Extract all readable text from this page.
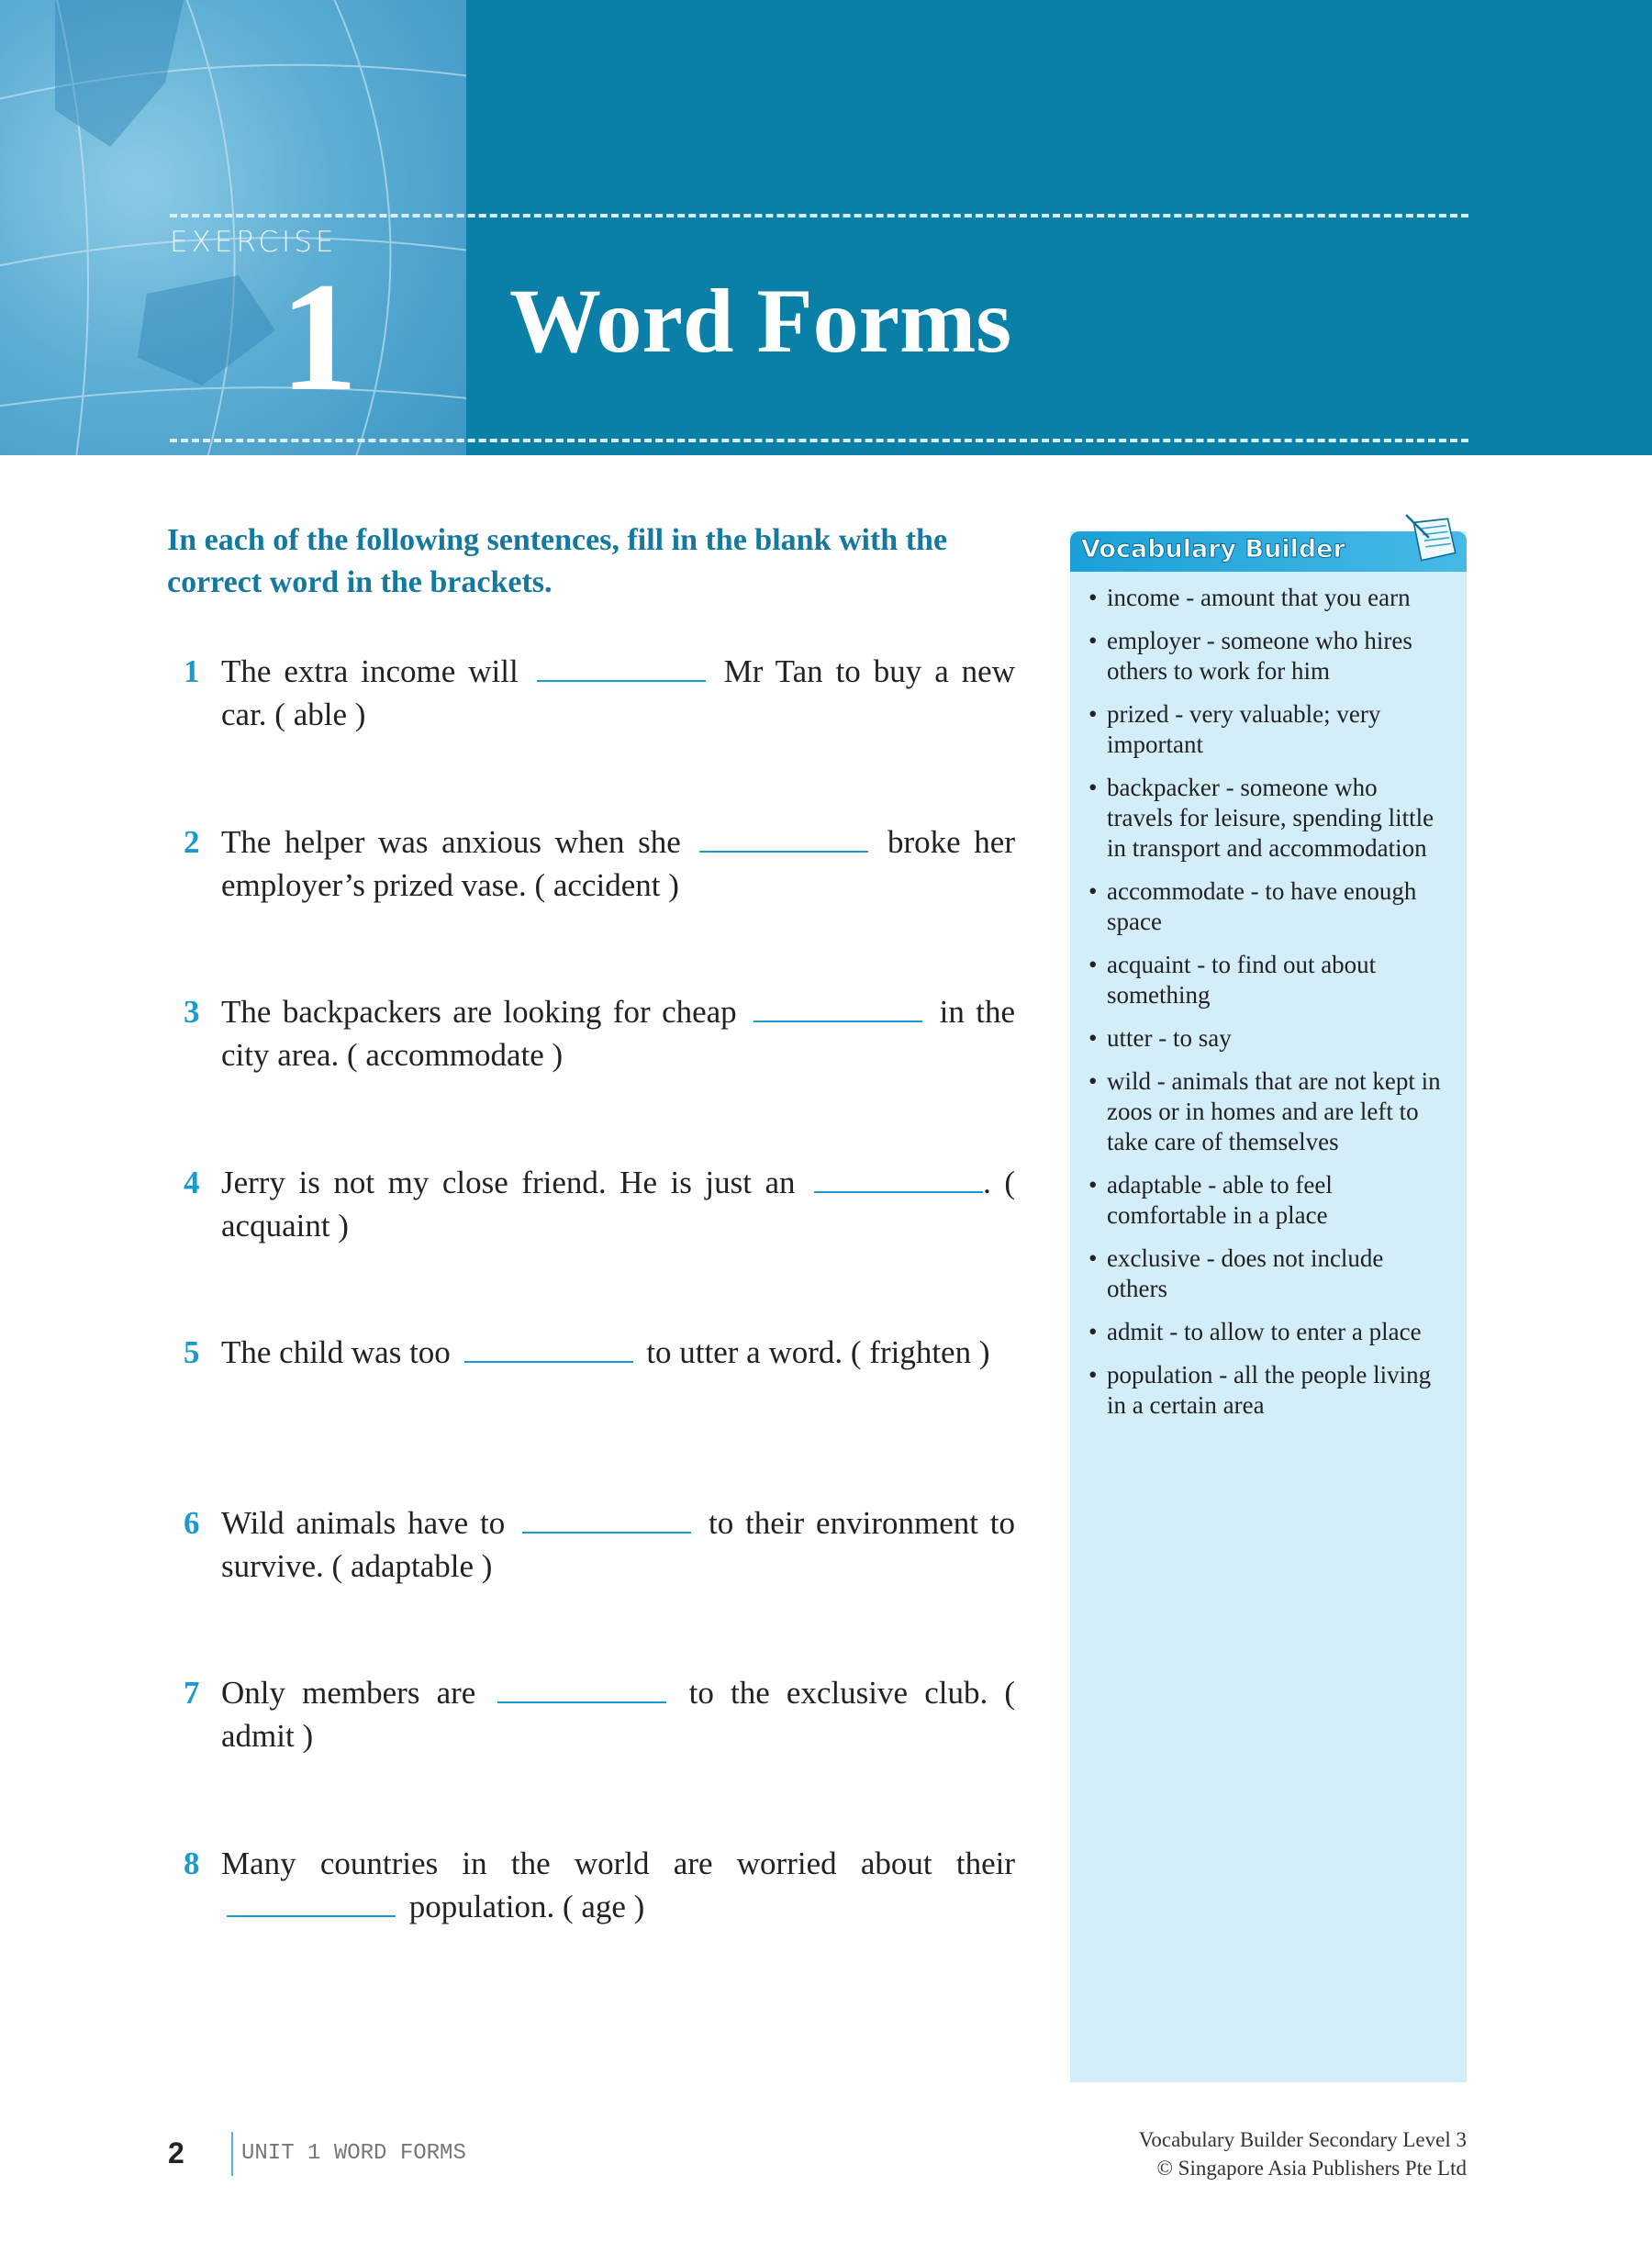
EXERCISE
1 Word Forms
In each of the following sentences, fill in the blank with the correct word in the brackets.
1 The extra income will	Mr Tan to buy a new car. ( able )
2 The helper was anxious when she	broke her employer’s prized vase. ( accident )
3 The backpackers are looking for cheap	in the city area. ( accommodate )
4 Jerry is not my close friend. He is just an	. ( acquaint )
5 The child was too	to utter a word. ( frighten )
6 Wild animals have to	to their environment to survive. ( adaptable )
7 Only members are	to the exclusive club. ( admit )
8 Many countries in the world are worried about their  population. ( age )
Vocabulary Builder
• income - amount that you earn
• employer - someone who hires others to work for him
• prized - very valuable; very important
• backpacker - someone who travels for leisure, spending little in transport and accommodation
• accommodate - to have enough space
• acquaint - to find out about something
• utter - to say
• wild - animals that are not kept in zoos or in homes and are left to take care of themselves
• adaptable - able to feel comfortable in a place
• exclusive - does not include others
• admit - to allow to enter a place
• population - all the people living in a certain area
2	UNIT 1 WORD FORMS
Vocabulary Builder Secondary Level 3
© Singapore Asia Publishers Pte Ltd
